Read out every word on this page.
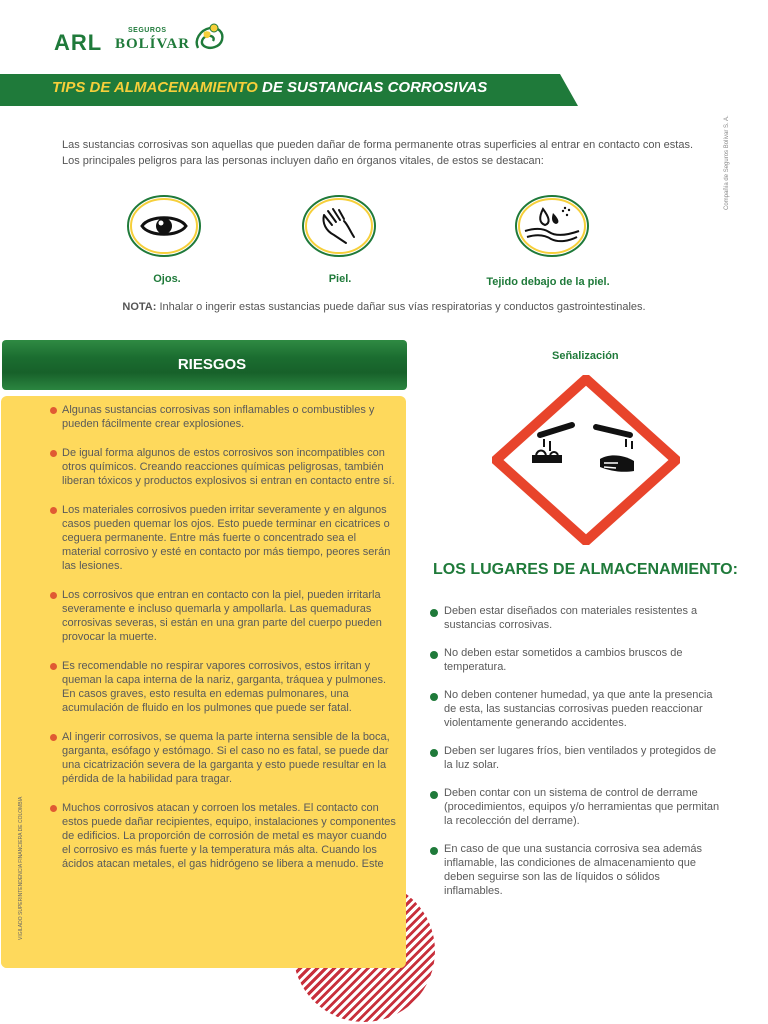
ARL	SEGUROS
BOLÍVAR
TIPS DE ALMACENAMIENTO DE SUSTANCIAS CORROSIVAS
Las sustancias corrosivas son aquellas que pueden dañar de forma permanente otras superficies al entrar en contacto con estas. Los principales peligros para las personas incluyen daño en órganos vitales, de estos se destacan:	Compañía de Seguros Bolívar S. A.
Ojos.	Piel.	Tejido debajo de la piel.
NOTA: Inhalar o ingerir estas sustancias puede dañar sus vías respiratorias y conductos gastrointestinales.
RIESGOS
Algunas sustancias corrosivas son inflamables o combustibles y pueden fácilmente crear explosiones.
De igual forma algunos de estos corrosivos son incompatibles con otros químicos. Creando reacciones químicas peligrosas, también liberan tóxicos y productos explosivos si entran en contacto entre sí.
Los materiales corrosivos pueden irritar severamente y en algunos casos pueden quemar los ojos. Esto puede terminar en cicatrices o ceguera permanente. Entre más fuerte o concentrado sea el material corrosivo y esté en contacto por más tiempo, peores serán las lesiones.
Los corrosivos que entran en contacto con la piel, pueden irritarla severamente e incluso quemarla y ampollarla. Las quemaduras corrosivas severas, si están en una gran parte del cuerpo pueden provocar la muerte.
Es recomendable no respirar vapores corrosivos, estos irritan y queman la capa interna de la nariz, garganta, tráquea y pulmones. En casos graves, esto resulta en edemas pulmonares, una acumulación de fluido en los pulmones que puede ser fatal.
Al ingerir corrosivos, se quema la parte interna sensible de la boca, garganta, esófago y estómago. Si el caso no es fatal, se puede dar una cicatrización severa de la garganta y esto puede resultar en la pérdida de la habilidad para tragar.
Muchos corrosivos atacan y corroen los metales. El contacto con estos puede dañar recipientes, equipo, instalaciones y componentes de edificios. La proporción de corrosión de metal es mayor cuando el corrosivo es más fuerte y la temperatura más alta. Cuando los ácidos atacan metales, el gas hidrógeno se libera a menudo. Este
Señalización
LOS LUGARES DE ALMACENAMIENTO:
Deben estar diseñados con materiales resistentes a sustancias corrosivas.
No deben estar sometidos a cambios bruscos de temperatura.
No deben contener humedad, ya que ante la presencia de esta, las sustancias corrosivas pueden reaccionar violentamente generando accidentes.
Deben ser lugares fríos, bien ventilados y protegidos de la luz solar.
Deben contar con un sistema de control de derrame (procedimientos, equipos y/o herramientas que permitan la recolección del derrame).
En caso de que una sustancia corrosiva sea además inflamable, las condiciones de almacenamiento que deben seguirse son las de líquidos o sólidos inflamables.
VIGILADO SUPERINTENDENCIA FINANCIERA DE COLOMBIA
